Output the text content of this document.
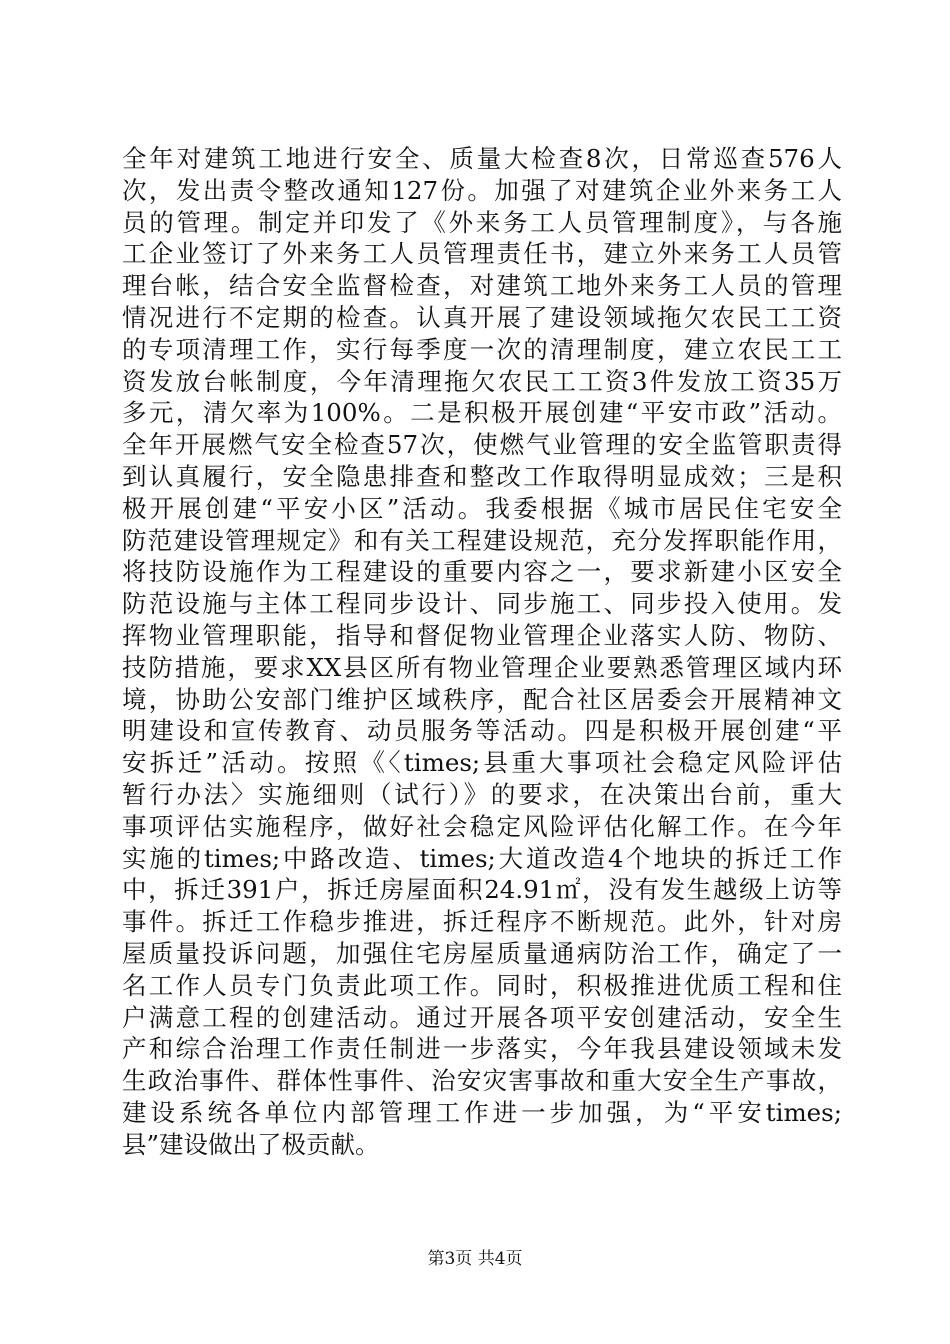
全年对建筑工地进行安全、质量大检查8次，日常巡查576人
次，发出责令整改通知127份。加强了对建筑企业外来务工人
员的管理。制定并印发了《外来务工人员管理制度》，与各施
工企业签订了外来务工人员管理责任书，建立外来务工人员管
理台帐，结合安全监督检查，对建筑工地外来务工人员的管理
情况进行不定期的检查。认真开展了建设领域拖欠农民工工资
的专项清理工作，实行每季度一次的清理制度，建立农民工工
资发放台帐制度，今年清理拖欠农民工工资3件发放工资35万
多元，清欠率为100%。二是积极开展创建“平安市政”活动。
全年开展燃气安全检查57次，使燃气业管理的安全监管职责得
到认真履行，安全隐患排查和整改工作取得明显成效；三是积
极开展创建“平安小区”活动。我委根据《城市居民住宅安全
防范建设管理规定》和有关工程建设规范，充分发挥职能作用，
将技防设施作为工程建设的重要内容之一，要求新建小区安全
防范设施与主体工程同步设计、同步施工、同步投入使用。发
挥物业管理职能，指导和督促物业管理企业落实人防、物防、
技防措施，要求XX县区所有物业管理企业要熟悉管理区域内环
境，协助公安部门维护区域秩序，配合社区居委会开展精神文
明建设和宣传教育、动员服务等活动。四是积极开展创建“平
安拆迁”活动。按照《〈times;县重大事项社会稳定风险评估
暂行办法〉实施细则（试行）》的要求，在决策出台前，重大
事项评估实施程序，做好社会稳定风险评估化解工作。在今年
实施的times;中路改造、times;大道改造4个地块的拆迁工作
中，拆迁391户，拆迁房屋面积24.91㎡，没有发生越级上访等
事件。拆迁工作稳步推进，拆迁程序不断规范。此外，针对房
屋质量投诉问题，加强住宅房屋质量通病防治工作，确定了一
名工作人员专门负责此项工作。同时，积极推进优质工程和住
户满意工程的创建活动。通过开展各项平安创建活动，安全生
产和综合治理工作责任制进一步落实，今年我县建设领域未发
生政治事件、群体性事件、治安灾害事故和重大安全生产事故，
建设系统各单位内部管理工作进一步加强，为“平安times;
县”建设做出了极贡献。
第3页 共4页
